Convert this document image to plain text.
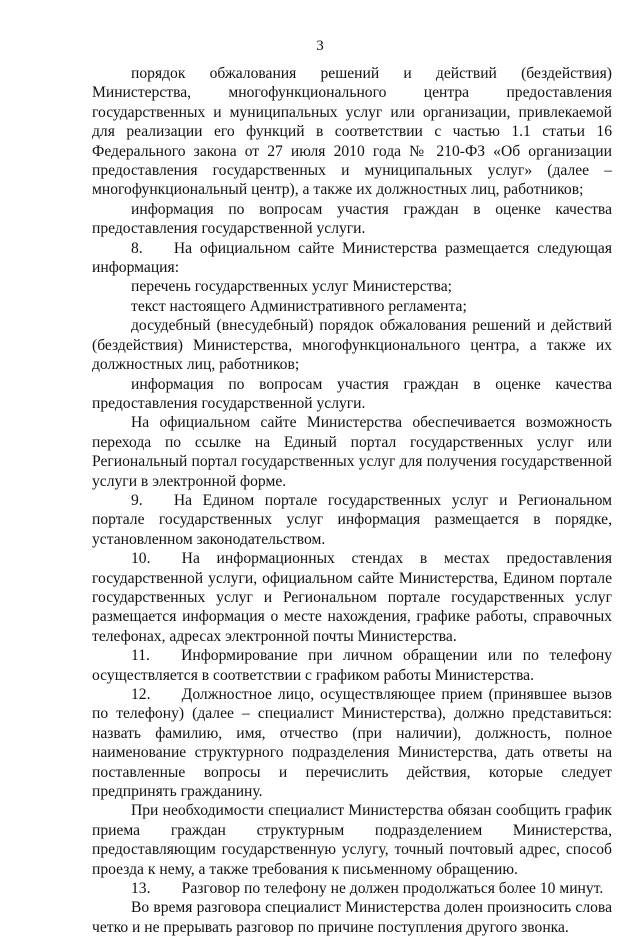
3

порядок обжалования решений и действий (бездействия) Министерства, многофункционального центра предоставления государственных и муниципальных услуг или организации, привлекаемой для реализации его функций в соответствии с частью 1.1 статьи 16 Федерального закона от 27 июля 2010 года № 210-ФЗ «Об организации предоставления государственных и муниципальных услуг» (далее – многофункциональный центр), а также их должностных лиц, работников;

информация по вопросам участия граждан в оценке качества предоставления государственной услуги.

8.  На официальном сайте Министерства размещается следующая информация:

перечень государственных услуг Министерства;

текст настоящего Административного регламента;

досудебный (внесудебный) порядок обжалования решений и действий (бездействия) Министерства, многофункционального центра, а также их должностных лиц, работников;

информация по вопросам участия граждан в оценке качества предоставления государственной услуги.

На официальном сайте Министерства обеспечивается возможность перехода по ссылке на Единый портал государственных услуг или Региональный портал государственных услуг для получения государственной услуги в электронной форме.

9.  На Едином портале государственных услуг и Региональном портале государственных услуг информация размещается в порядке, установленном законодательством.

10.  На информационных стендах в местах предоставления государственной услуги, официальном сайте Министерства, Едином портале государственных услуг и Региональном портале государственных услуг размещается информация о месте нахождения, графике работы, справочных телефонах, адресах электронной почты Министерства.

11.  Информирование при личном обращении или по телефону осуществляется в соответствии с графиком работы Министерства.

12.  Должностное лицо, осуществляющее прием (принявшее вызов по телефону) (далее – специалист Министерства), должно представиться: назвать фамилию, имя, отчество (при наличии), должность, полное наименование структурного подразделения Министерства, дать ответы на поставленные вопросы и перечислить действия, которые следует предпринять гражданину.

При необходимости специалист Министерства обязан сообщить график приема граждан структурным подразделением Министерства, предоставляющим государственную услугу, точный почтовый адрес, способ проезда к нему, а также требования к письменному обращению.

13.  Разговор по телефону не должен продолжаться более 10 минут.

Во время разговора специалист Министерства долен произносить слова четко и не прерывать разговор по причине поступления другого звонка.
